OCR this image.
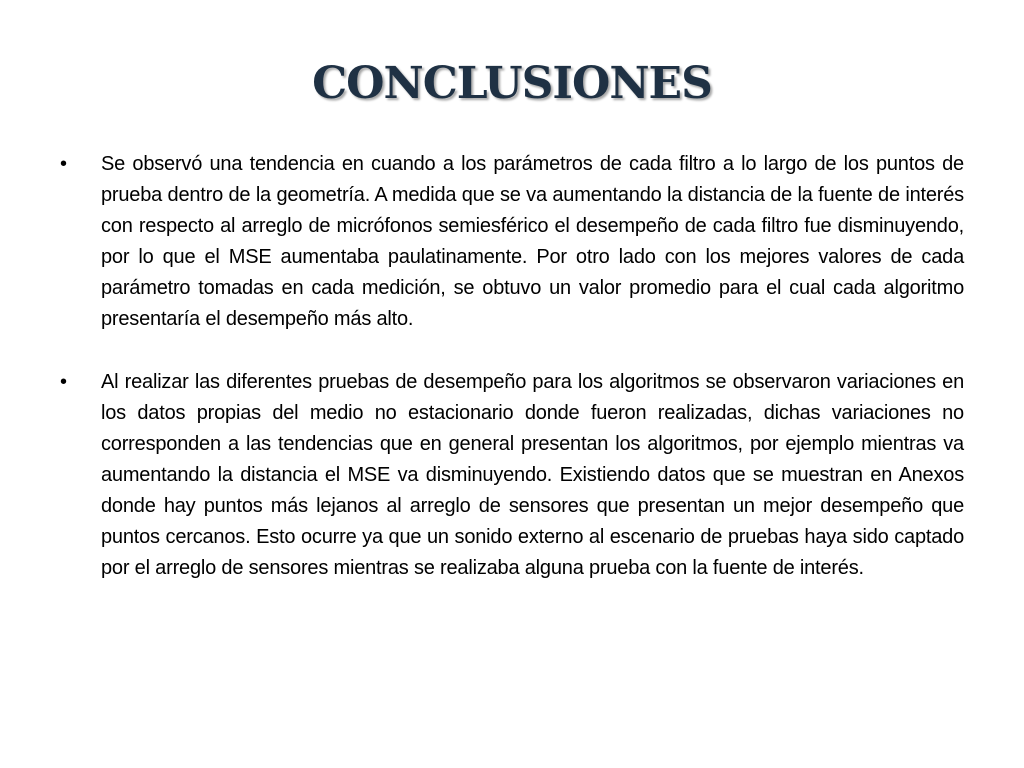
CONCLUSIONES
• Se observó una tendencia en cuando a los parámetros de cada filtro a lo largo de los puntos de prueba dentro de la geometría. A medida que se va aumentando la distancia de la fuente de interés con respecto al arreglo de micrófonos semiesférico el desempeño de cada filtro fue disminuyendo, por lo que el MSE aumentaba paulatinamente. Por otro lado con los mejores valores de cada parámetro tomadas en cada medición, se obtuvo un valor promedio para el cual cada algoritmo presentaría el desempeño más alto.
• Al realizar las diferentes pruebas de desempeño para los algoritmos se observaron variaciones en los datos propias del medio no estacionario donde fueron realizadas, dichas variaciones no corresponden a las tendencias que en general presentan los algoritmos, por ejemplo mientras va aumentando la distancia el MSE va disminuyendo. Existiendo datos que se muestran en Anexos donde hay puntos más lejanos al arreglo de sensores que presentan un mejor desempeño que puntos cercanos. Esto ocurre ya que un sonido externo al escenario de pruebas haya sido captado por el arreglo de sensores mientras se realizaba alguna prueba con la fuente de interés.
